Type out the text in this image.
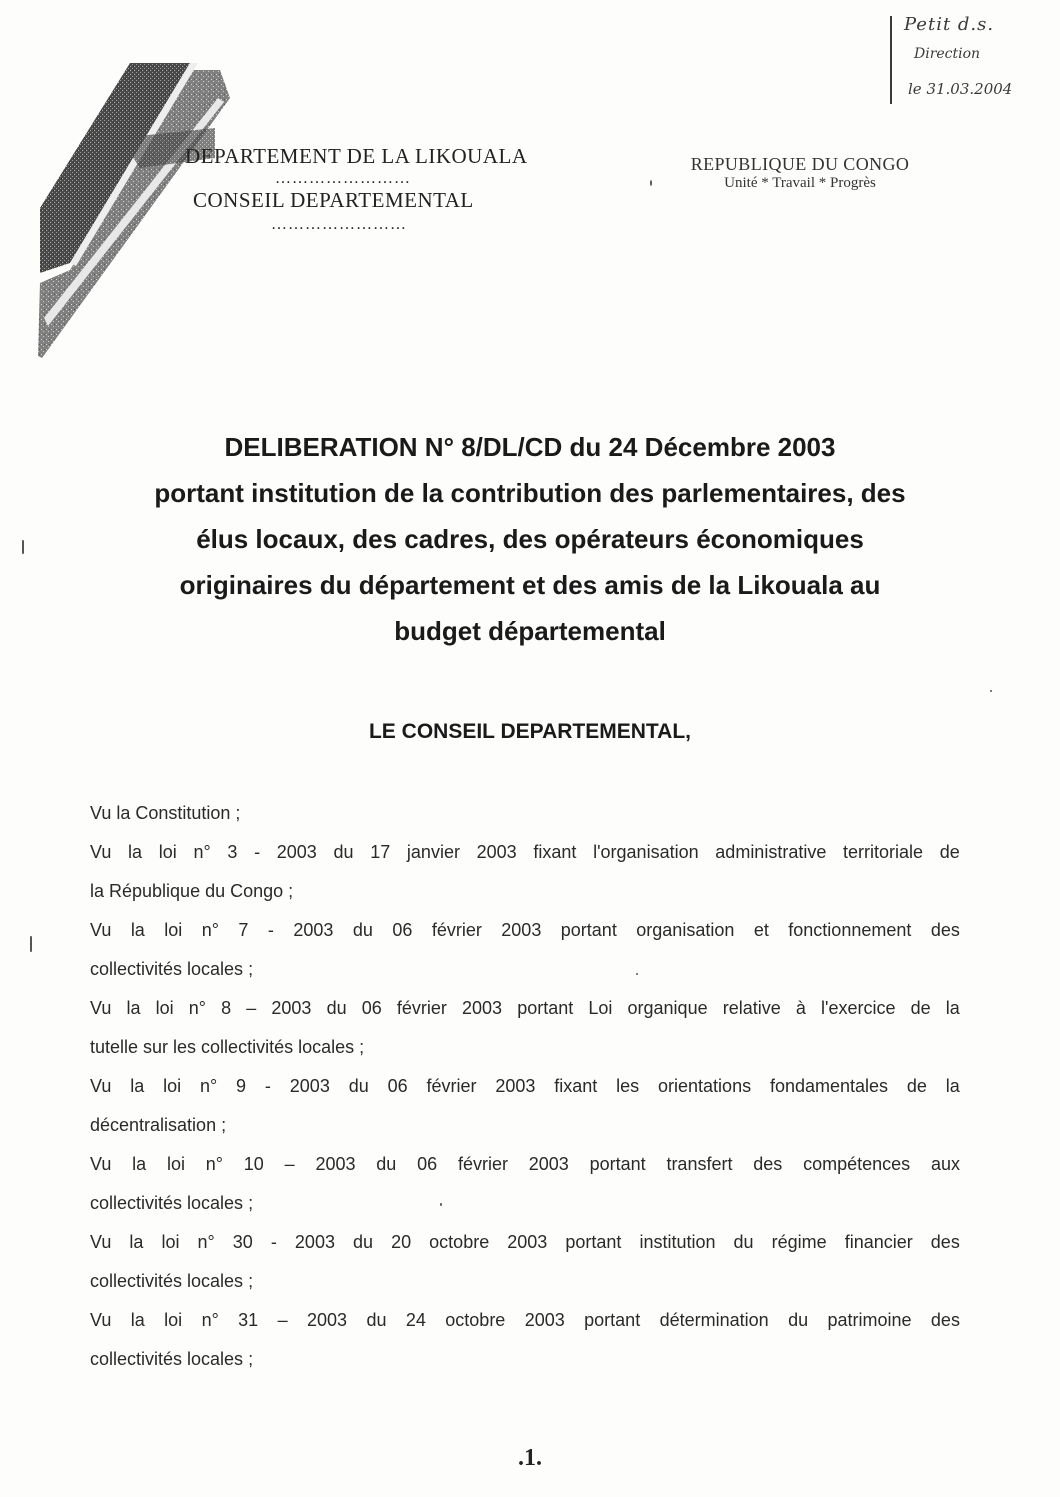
Petit d.s.
Direction
le 31.03.2004
DEPARTEMENT DE LA LIKOUALA
……………………
CONSEIL DEPARTEMENTAL
……………………
REPUBLIQUE DU CONGO
Unité * Travail * Progrès
DELIBERATION N° 8/DL/CD du 24 Décembre 2003
portant institution de la contribution des parlementaires, des
élus locaux, des cadres, des opérateurs économiques
originaires du département et des amis de la Likouala au
budget départemental
LE CONSEIL DEPARTEMENTAL,
Vu la Constitution ;
Vu la loi n° 3 - 2003 du 17 janvier 2003 fixant l'organisation administrative territoriale de
la République du Congo ;
Vu la loi n° 7 - 2003 du 06 février 2003 portant organisation et fonctionnement des
collectivités locales ;
Vu la loi n° 8 – 2003 du 06 février 2003 portant Loi organique relative à l'exercice de la
tutelle sur les collectivités locales ;
Vu la loi n° 9 - 2003 du 06 février 2003 fixant les orientations fondamentales de la
décentralisation ;
Vu la loi n° 10 – 2003 du 06 février 2003 portant transfert des compétences aux
collectivités locales ;
Vu la loi n° 30 - 2003 du 20 octobre 2003 portant institution du régime financier des
collectivités locales ;
Vu la loi n° 31 – 2003 du 24 octobre 2003 portant détermination du patrimoine des
collectivités locales ;
.1.
